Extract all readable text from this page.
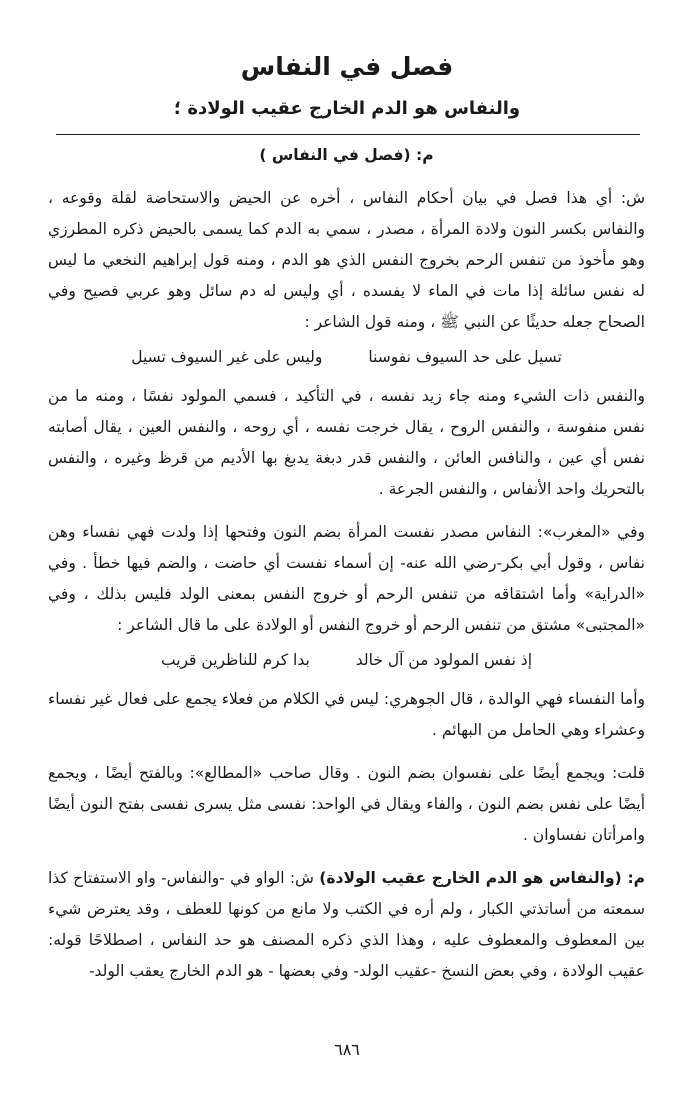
فصل في النفاس
والنفاس هو الدم الخارج عقيب الولادة ؛

م: (فصل في النفاس )

ش: أي هذا فصل في بيان أحكام النفاس ، أخره عن الحيض والاستحاضة لقلة وقوعه ، والنفاس بكسر النون ولادة المرأة ، مصدر ، سمي به الدم كما يسمى بالحيض ذكره المطرزي وهو مأخوذ من تنفس الرحم بخروج النفس الذي هو الدم ، ومنه قول إبراهيم النخعي ما ليس له نفس سائلة إذا مات في الماء لا يفسده ، أي وليس له دم سائل وهو عربي فصيح وفي الصحاح جعله حديثًا عن النبي ﷺ ، ومنه قول الشاعر :

تسيل على حد السيوف نفوسنا
وليس على غير السيوف تسيل

والنفس ذات الشيء ومنه جاء زيد نفسه ، في التأكيد ، فسمي المولود نفسًا ، ومنه ما من نفس منفوسة ، والنفس الروح ، يقال خرجت نفسه ، أي روحه ، والنفس العين ، يقال أصابته نفس أي عين ، والنافس العائن ، والنفس قدر دبغة يدبغ بها الأديم من قرظ وغيره ، والنفس بالتحريك واحد الأنفاس ، والنفس الجرعة .

وفي «المغرب»: النفاس مصدر نفست المرأة بضم النون وفتحها إذا ولدت فهي نفساء وهن نفاس ، وقول أبي بكر-رضي الله عنه- إن أسماء نفست أي حاضت ، والضم فيها خطأ . وفي «الدراية» وأما اشتقاقه من تنفس الرحم أو خروج النفس بمعنى الولد فليس بذلك ، وفي «المجتبى» مشتق من تنفس الرحم أو خروج النفس أو الولادة على ما قال الشاعر :

إذ نفس المولود من آل خالد
بدا كرم للناظرين قريب

وأما النفساء فهي الوالدة ، قال الجوهري: ليس في الكلام من فعلاء يجمع على فعال غير نفساء وعشراء وهي الحامل من البهائم .

قلت: ويجمع أيضًا على نفسوان بضم النون . وقال صاحب «المطالع»: وبالفتح أيضًا ، ويجمع أيضًا على نفس بضم النون ، والفاء ويقال في الواحد: نفسى مثل يسرى نفسى بفتح النون أيضًا وامرأتان نفساوان .

م: (والنفاس هو الدم الخارج عقيب الولادة) ش: الواو في -والنفاس- واو الاستفتاح كذا سمعته من أساتذتي الكبار ، ولم أره في الكتب ولا مانع من كونها للعطف ، وقد يعترض شيء بين المعطوف والمعطوف عليه ، وهذا الذي ذكره المصنف هو حد النفاس ، اصطلاحًا قوله: عقيب الولادة ، وفي بعض النسخ -عقيب الولد- وفي بعضها - هو الدم الخارج يعقب الولد-

٦٨٦
